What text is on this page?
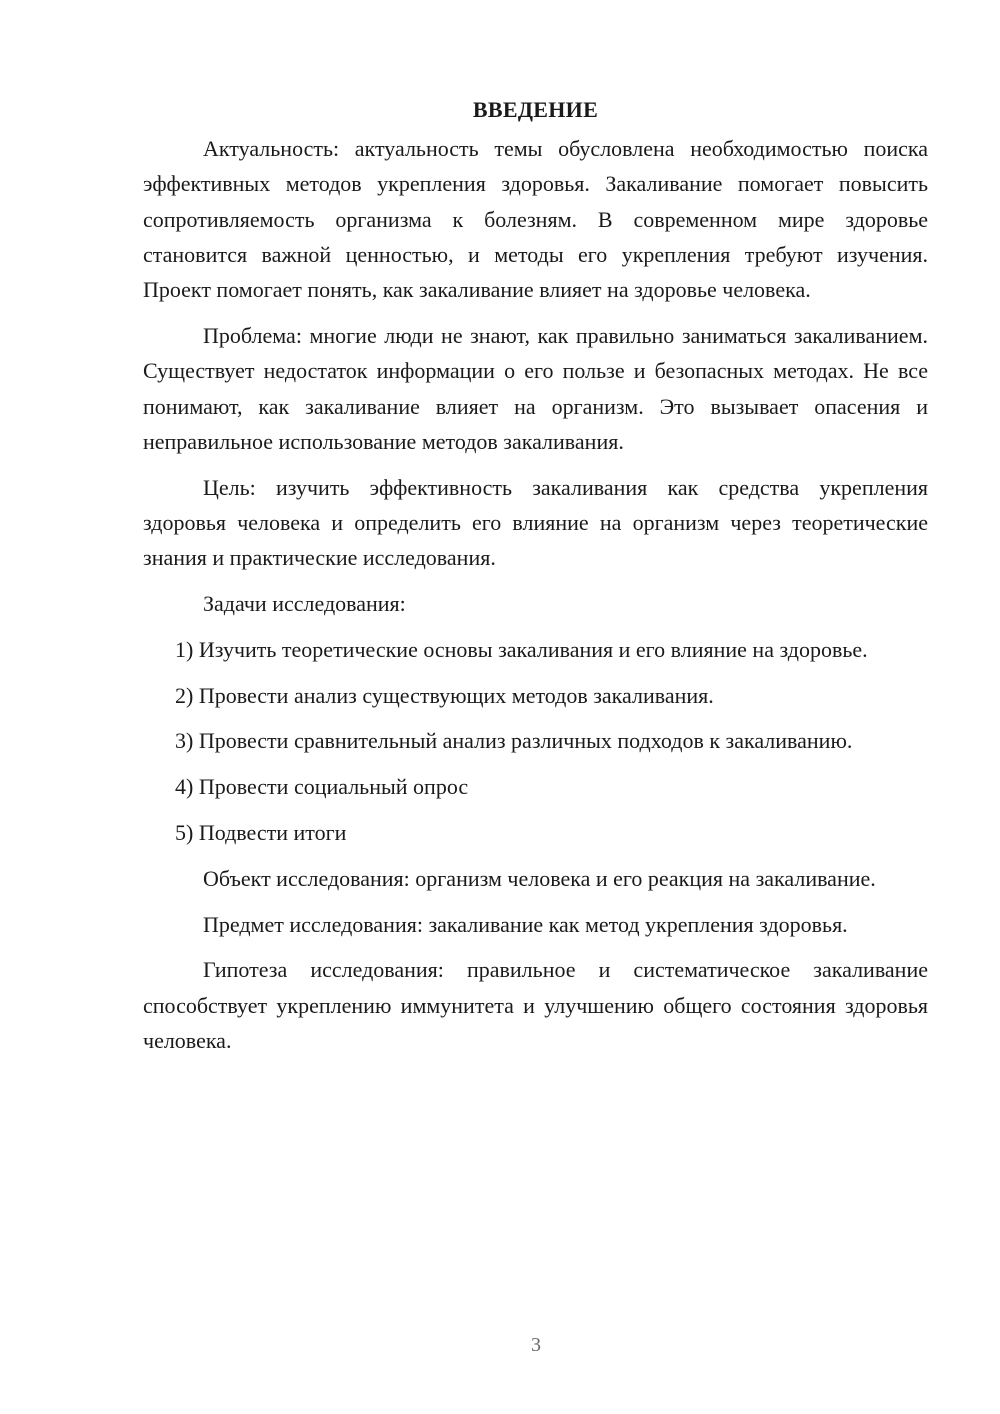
ВВЕДЕНИЕ

Актуальность: актуальность темы обусловлена необходимостью поиска эффективных методов укрепления здоровья. Закаливание помогает повысить сопротивляемость организма к болезням. В современном мире здоровье становится важной ценностью, и методы его укрепления требуют изучения. Проект помогает понять, как закаливание влияет на здоровье человека.

Проблема: многие люди не знают, как правильно заниматься закаливанием. Существует недостаток информации о его пользе и безопасных методах. Не все понимают, как закаливание влияет на организм. Это вызывает опасения и неправильное использование методов закаливания.

Цель: изучить эффективность закаливания как средства укрепления здоровья человека и определить его влияние на организм через теоретические знания и практические исследования.

Задачи исследования:

1) Изучить теоретические основы закаливания и его влияние на здоровье.

2) Провести анализ существующих методов закаливания.

3) Провести сравнительный анализ различных подходов к закаливанию.

4) Провести социальный опрос

5) Подвести итоги

Объект исследования: организм человека и его реакция на закаливание.

Предмет исследования: закаливание как метод укрепления здоровья.

Гипотеза исследования: правильное и систематическое закаливание способствует укреплению иммунитета и улучшению общего состояния здоровья человека.

3
